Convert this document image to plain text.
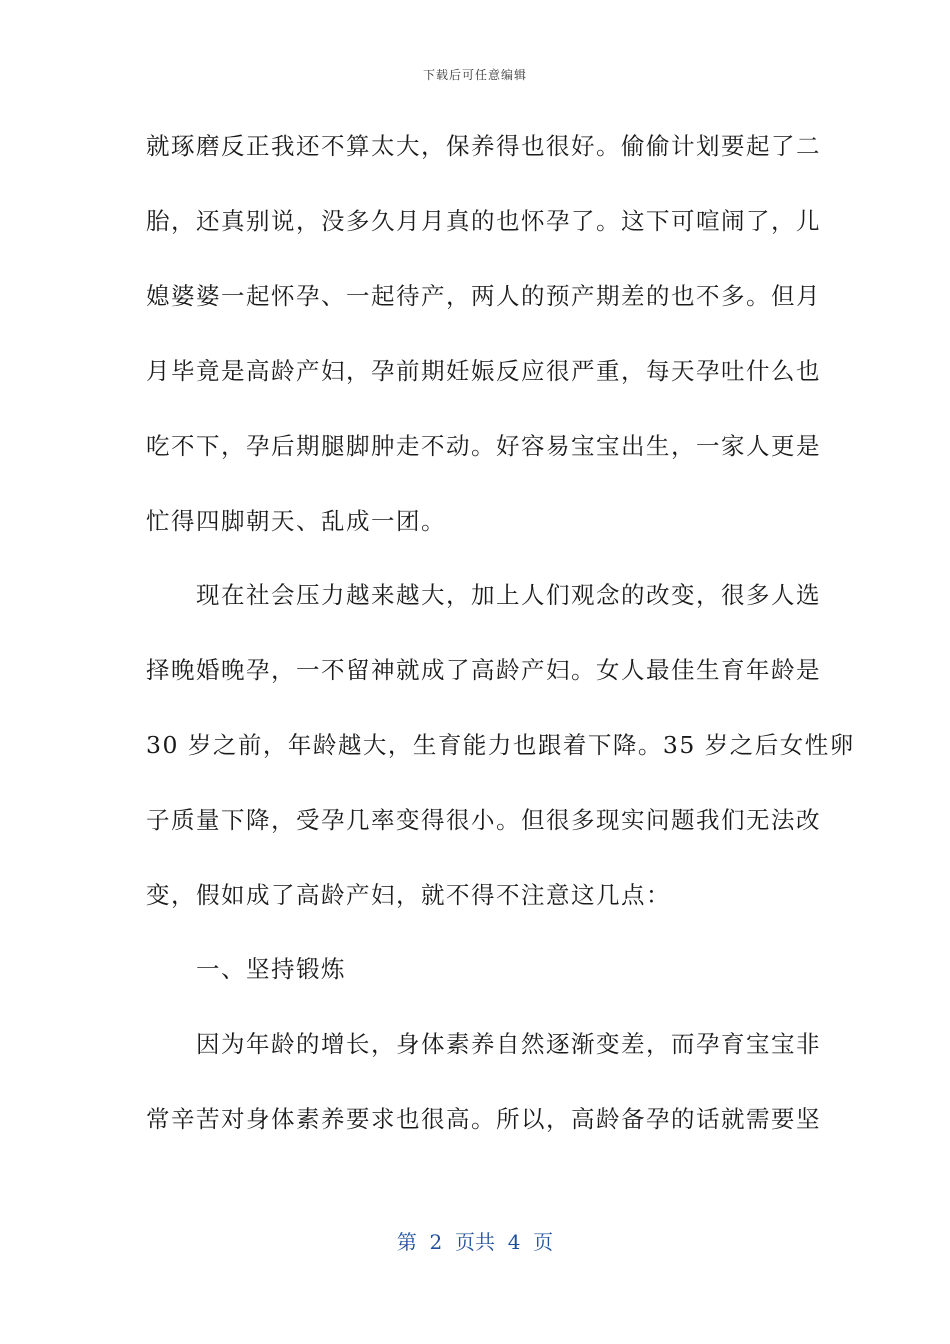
下载后可任意编辑
就琢磨反正我还不算太大，保养得也很好。偷偷计划要起了二
胎，还真别说，没多久月月真的也怀孕了。这下可喧闹了，儿
媳婆婆一起怀孕、一起待产，两人的预产期差的也不多。但月
月毕竟是高龄产妇，孕前期妊娠反应很严重，每天孕吐什么也
吃不下，孕后期腿脚肿走不动。好容易宝宝出生，一家人更是
忙得四脚朝天、乱成一团。
　　现在社会压力越来越大，加上人们观念的改变，很多人选
择晚婚晚孕，一不留神就成了高龄产妇。女人最佳生育年龄是
30 岁之前，年龄越大，生育能力也跟着下降。35 岁之后女性卵
子质量下降，受孕几率变得很小。但很多现实问题我们无法改
变，假如成了高龄产妇，就不得不注意这几点：
　　一、坚持锻炼
　　因为年龄的增长，身体素养自然逐渐变差，而孕育宝宝非
常辛苦对身体素养要求也很高。所以，高龄备孕的话就需要坚
第  2  页共  4  页
